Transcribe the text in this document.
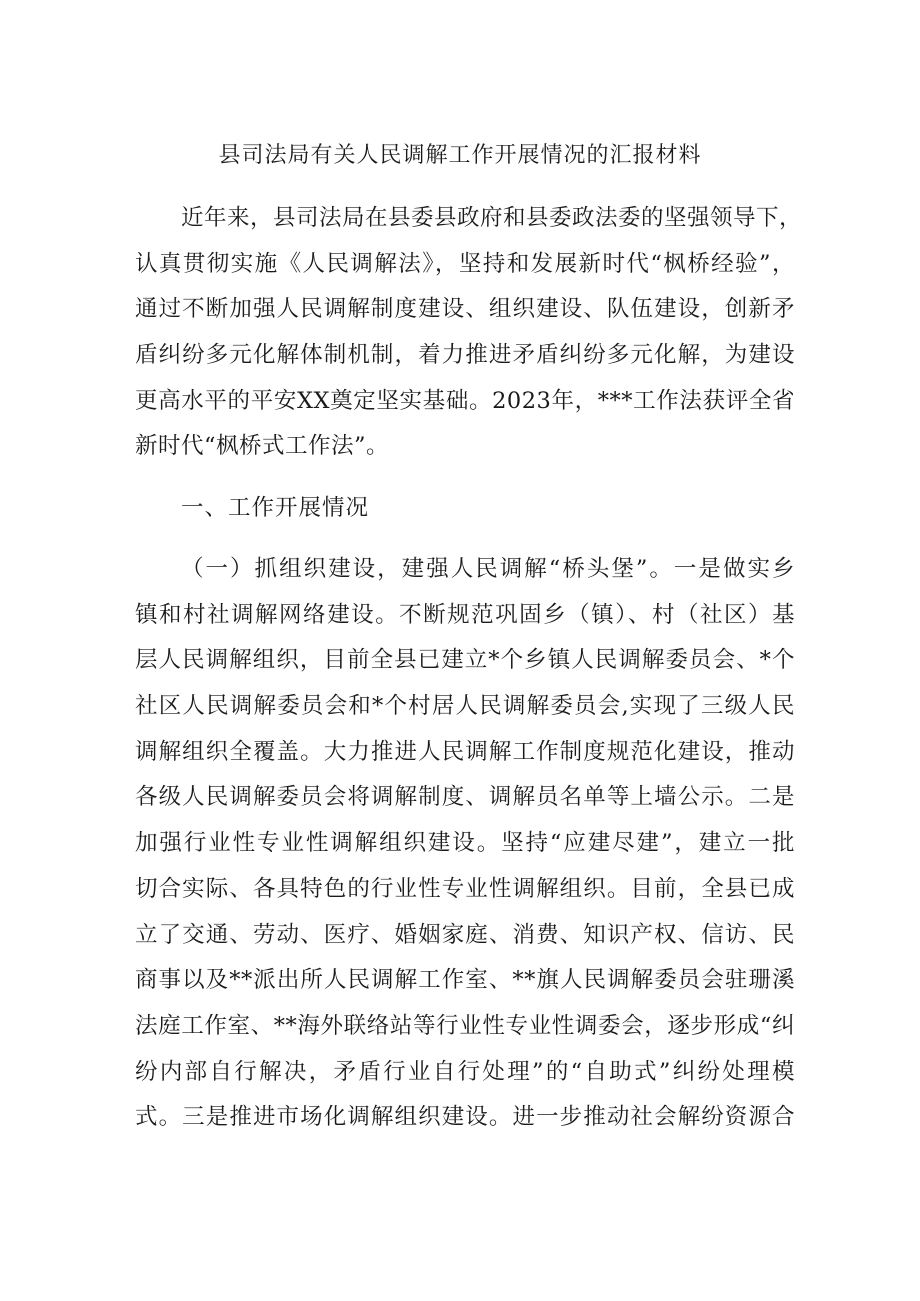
县司法局有关人民调解工作开展情况的汇报材料
近年来，县司法局在县委县政府和县委政法委的坚强领导下，
认真贯彻实施《人民调解法》，坚持和发展新时代“枫桥经验”，
通过不断加强人民调解制度建设、组织建设、队伍建设，创新矛
盾纠纷多元化解体制机制，着力推进矛盾纠纷多元化解，为建设
更高水平的平安XX奠定坚实基础。2023年，***工作法获评全省
新时代“枫桥式工作法”。
一、工作开展情况
（一）抓组织建设，建强人民调解“桥头堡”。一是做实乡
镇和村社调解网络建设。不断规范巩固乡（镇）、村（社区）基
层人民调解组织，目前全县已建立*个乡镇人民调解委员会、*个
社区人民调解委员会和*个村居人民调解委员会,实现了三级人民
调解组织全覆盖。大力推进人民调解工作制度规范化建设，推动
各级人民调解委员会将调解制度、调解员名单等上墙公示。二是
加强行业性专业性调解组织建设。坚持“应建尽建”，建立一批
切合实际、各具特色的行业性专业性调解组织。目前，全县已成
立了交通、劳动、医疗、婚姻家庭、消费、知识产权、信访、民
商事以及**派出所人民调解工作室、**旗人民调解委员会驻珊溪
法庭工作室、**海外联络站等行业性专业性调委会，逐步形成“纠
纷内部自行解决，矛盾行业自行处理”的“自助式”纠纷处理模
式。三是推进市场化调解组织建设。进一步推动社会解纷资源合
